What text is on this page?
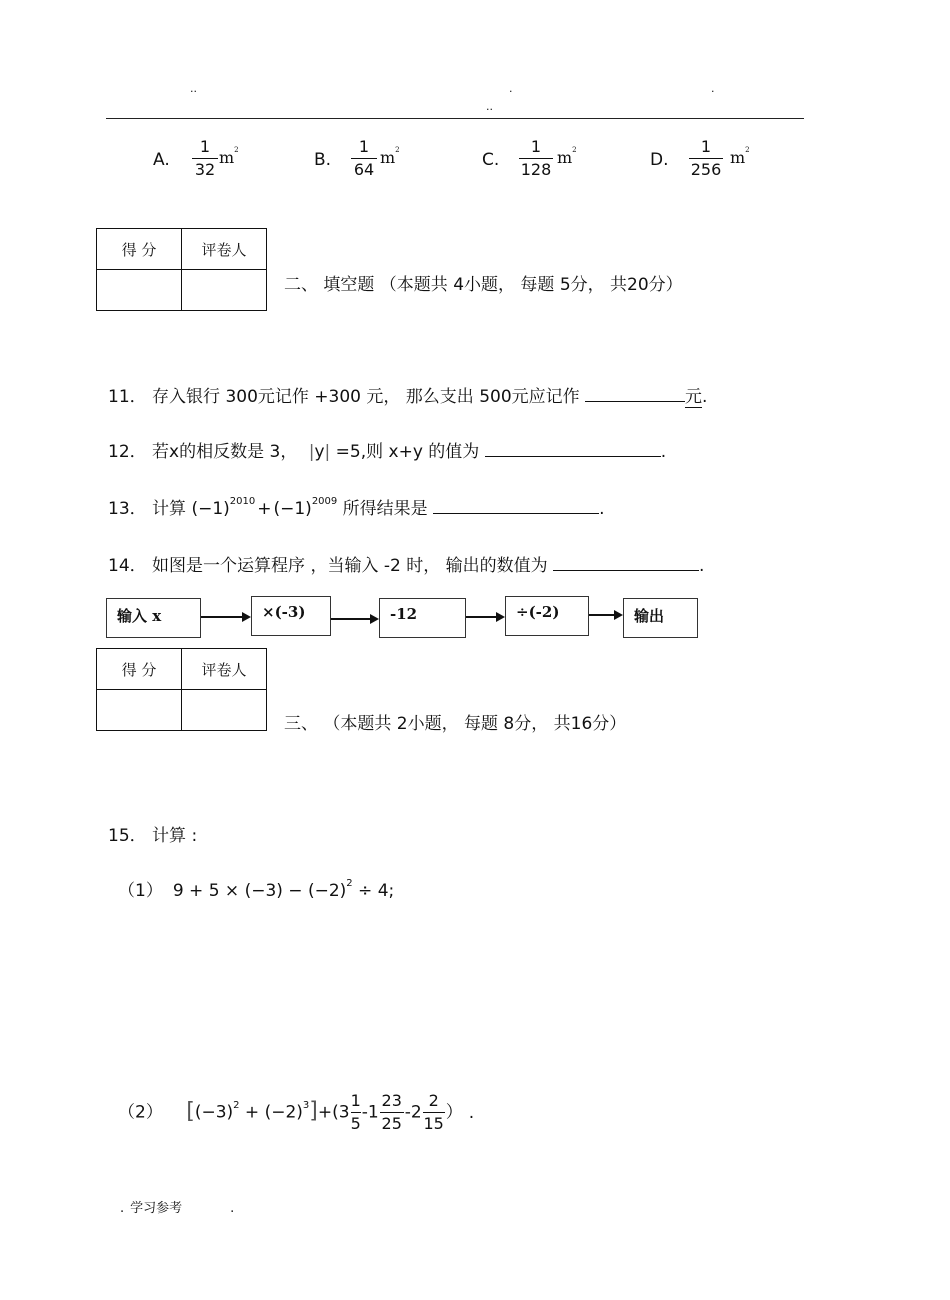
..	.	.
..
A.
1
32
$m^2$	B.
1
64
$m^2$	C.
1
128
$m^2$	D.
1
256
$m^2$
得 分	评卷人

二、 填空题 （本题共 4小题， 每题 5分， 共20分）
11． 存入银行 300元记作 +300 元， 那么支出 500元应记作	元.
12． 若x的相反数是 3， |y| =5,则 x+y 的值为	.
13． 计算 $(-1)^{2010} + (-1)^{2009}$ 所得结果是	.
14． 如图是一个运算程序 ，当输入 -2 时， 输出的数值为	.
输入 x	×(-3)	-12	÷(-2)	输出
得 分	评卷人

三、 （本题共 2小题， 每题 8分， 共16分）
15． 计算 :
（1） $9 + 5 \times (-3) - (-2)^2 \div 4$;
（2） $[(-3)^2 + (-2)^3]+(3 \frac{1}{5} -1 \frac{23}{25} -2 \frac{2}{15}$ ） .
. 学习参考	.
